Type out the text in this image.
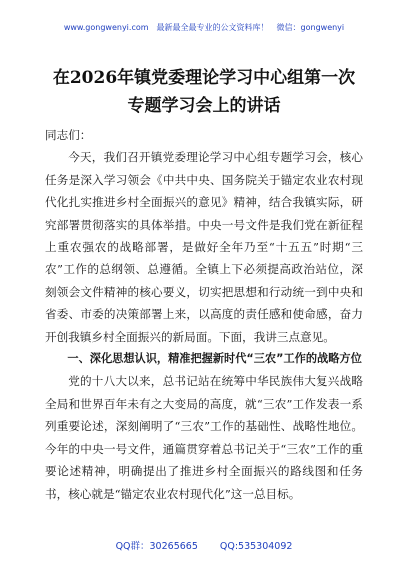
www.gongwenyi.com 最新最全最专业的公文资料库！ 微信：gongwenyi
在2026年镇党委理论学习中心组第一次
专题学习会上的讲话

同志们：

今天，我们召开镇党委理论学习中心组专题学习会，核心任务是深入学习领会《中共中央、国务院关于锚定农业农村现代化扎实推进乡村全面振兴的意见》精神，结合我镇实际，研究部署贯彻落实的具体举措。中央一号文件是我们党在新征程上重农强农的战略部署，是做好全年乃至“十五五”时期“三农”工作的总纲领、总遵循。全镇上下必须提高政治站位，深刻领会文件精神的核心要义，切实把思想和行动统一到中央和省委、市委的决策部署上来，以高度的责任感和使命感，奋力开创我镇乡村全面振兴的新局面。下面，我讲三点意见。

一、深化思想认识，精准把握新时代“三农”工作的战略方位

党的十八大以来，总书记站在统筹中华民族伟大复兴战略全局和世界百年未有之大变局的高度，就“三农”工作发表一系列重要论述，深刻阐明了“三农”工作的基础性、战略性地位。今年的中央一号文件，通篇贯穿着总书记关于“三农”工作的重要论述精神，明确提出了推进乡村全面振兴的路线图和任务书，核心就是“锚定农业农村现代化”这一总目标。

QQ群：30265665 QQ:535304092
